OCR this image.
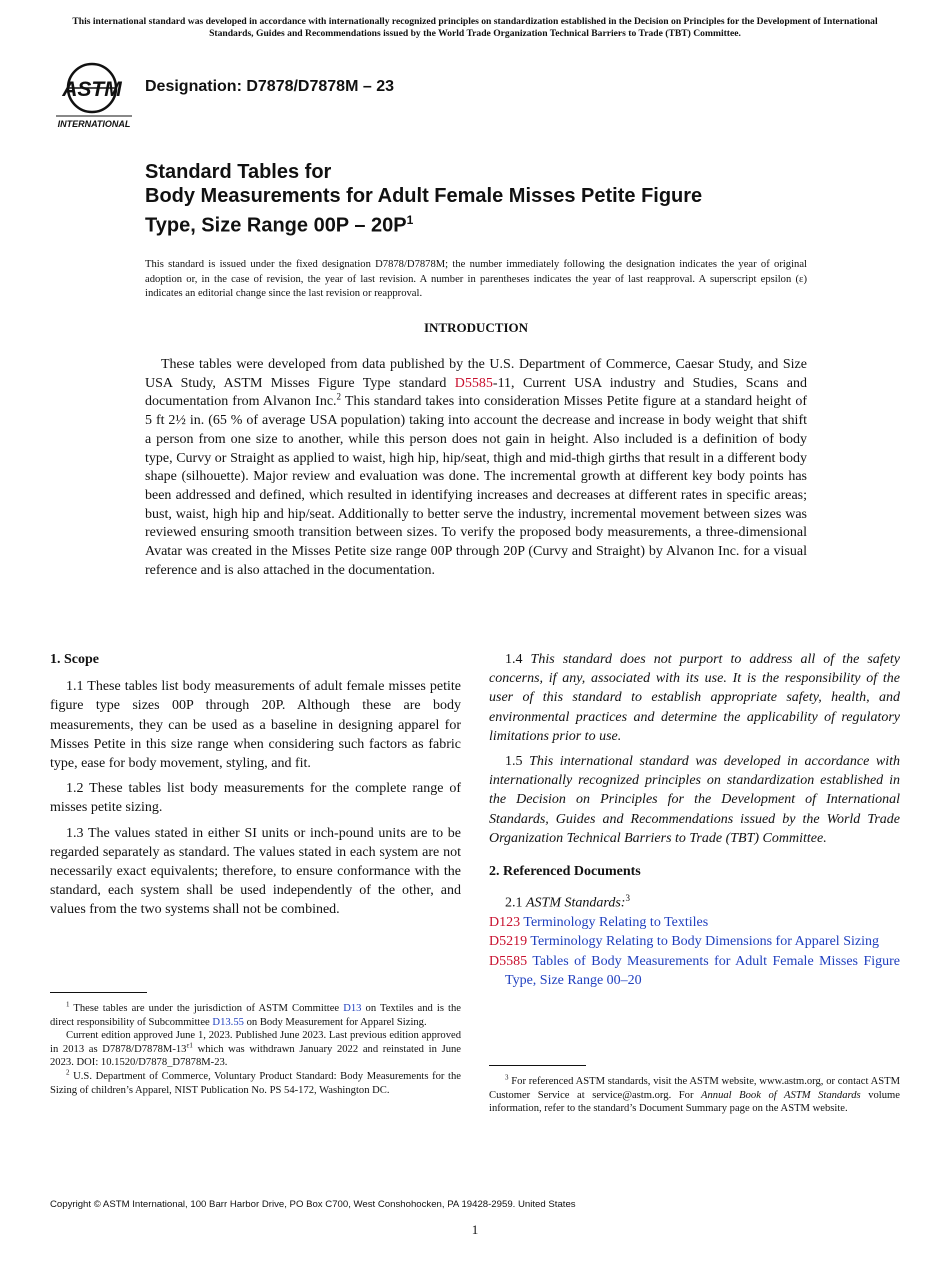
This international standard was developed in accordance with internationally recognized principles on standardization established in the Decision on Principles for the Development of International Standards, Guides and Recommendations issued by the World Trade Organization Technical Barriers to Trade (TBT) Committee.
ASTM
INTERNATIONAL
Designation: D7878/D7878M – 23
Standard Tables for
Body Measurements for Adult Female Misses Petite Figure
Type, Size Range $00P - 20P^1$
This standard is issued under the fixed designation D7878/D7878M; the number immediately following the designation indicates the year of original adoption or, in the case of revision, the year of last revision. A number in parentheses indicates the year of last reapproval. A superscript epsilon (ε) indicates an editorial change since the last revision or reapproval.
INTRODUCTION
These tables were developed from data published by the U.S. Department of Commerce, Caesar Study, and Size USA Study, ASTM Misses Figure Type standard D5585-11, Current USA industry and Studies, Scans and documentation from Alvanon Inc.$^2$ This standard takes into consideration Misses Petite figure at a standard height of 5 ft 2½ in. (65 % of average USA population) taking into account the decrease and increase in body weight that shift a person from one size to another, while this person does not gain in height. Also included is a definition of body type, Curvy or Straight as applied to waist, high hip, hip/seat, thigh and mid-thigh girths that result in a different body shape (silhouette). Major review and evaluation was done. The incremental growth at different key body points has been addressed and defined, which resulted in identifying increases and decreases at different rates in specific areas; bust, waist, high hip and hip/seat. Additionally to better serve the industry, incremental movement between sizes was reviewed ensuring smooth transition between sizes. To verify the proposed body measurements, a three-dimensional Avatar was created in the Misses Petite size range 00P through 20P (Curvy and Straight) by Alvanon Inc. for a visual reference and is also attached in the documentation.
1. Scope

1.1 These tables list body measurements of adult female misses petite figure type sizes 00P through 20P. Although these are body measurements, they can be used as a baseline in designing apparel for Misses Petite in this size range when considering such factors as fabric type, ease for body movement, styling, and fit.

1.2 These tables list body measurements for the complete range of misses petite sizing.

1.3 The values stated in either SI units or inch-pound units are to be regarded separately as standard. The values stated in each system are not necessarily exact equivalents; therefore, to ensure conformance with the standard, each system shall be used independently of the other, and values from the two systems shall not be combined.

$^1$ These tables are under the jurisdiction of ASTM Committee D13 on Textiles and is the direct responsibility of Subcommittee D13.55 on Body Measurement for Apparel Sizing.

Current edition approved June 1, 2023. Published June 2023. Last previous edition approved in 2013 as $D7878/D7878M-13^{\varepsilon 1}$ which was withdrawn January 2022 and reinstated in June 2023. DOI: 10.1520/D7878_D7878M-23.

$^2$ U.S. Department of Commerce, Voluntary Product Standard: Body Measurements for the Sizing of children’s Apparel, NIST Publication No. PS 54-172, Washington DC.

1.4 This standard does not purport to address all of the safety concerns, if any, associated with its use. It is the responsibility of the user of this standard to establish appropriate safety, health, and environmental practices and determine the applicability of regulatory limitations prior to use.

1.5 This international standard was developed in accordance with internationally recognized principles on standardization established in the Decision on Principles for the Development of International Standards, Guides and Recommendations issued by the World Trade Organization Technical Barriers to Trade (TBT) Committee.

2. Referenced Documents
2.1 ASTM Standards:$^3$
D123 Terminology Relating to Textiles
D5219 Terminology Relating to Body Dimensions for Apparel Sizing
D5585 Tables of Body Measurements for Adult Female Misses Figure Type, Size Range 00–20

$^3$ For referenced ASTM standards, visit the ASTM website, www.astm.org, or contact ASTM Customer Service at service@astm.org. For Annual Book of ASTM Standards volume information, refer to the standard’s Document Summary page on the ASTM website.

Copyright © ASTM International, 100 Barr Harbor Drive, PO Box C700, West Conshohocken, PA 19428-2959. United States
1
